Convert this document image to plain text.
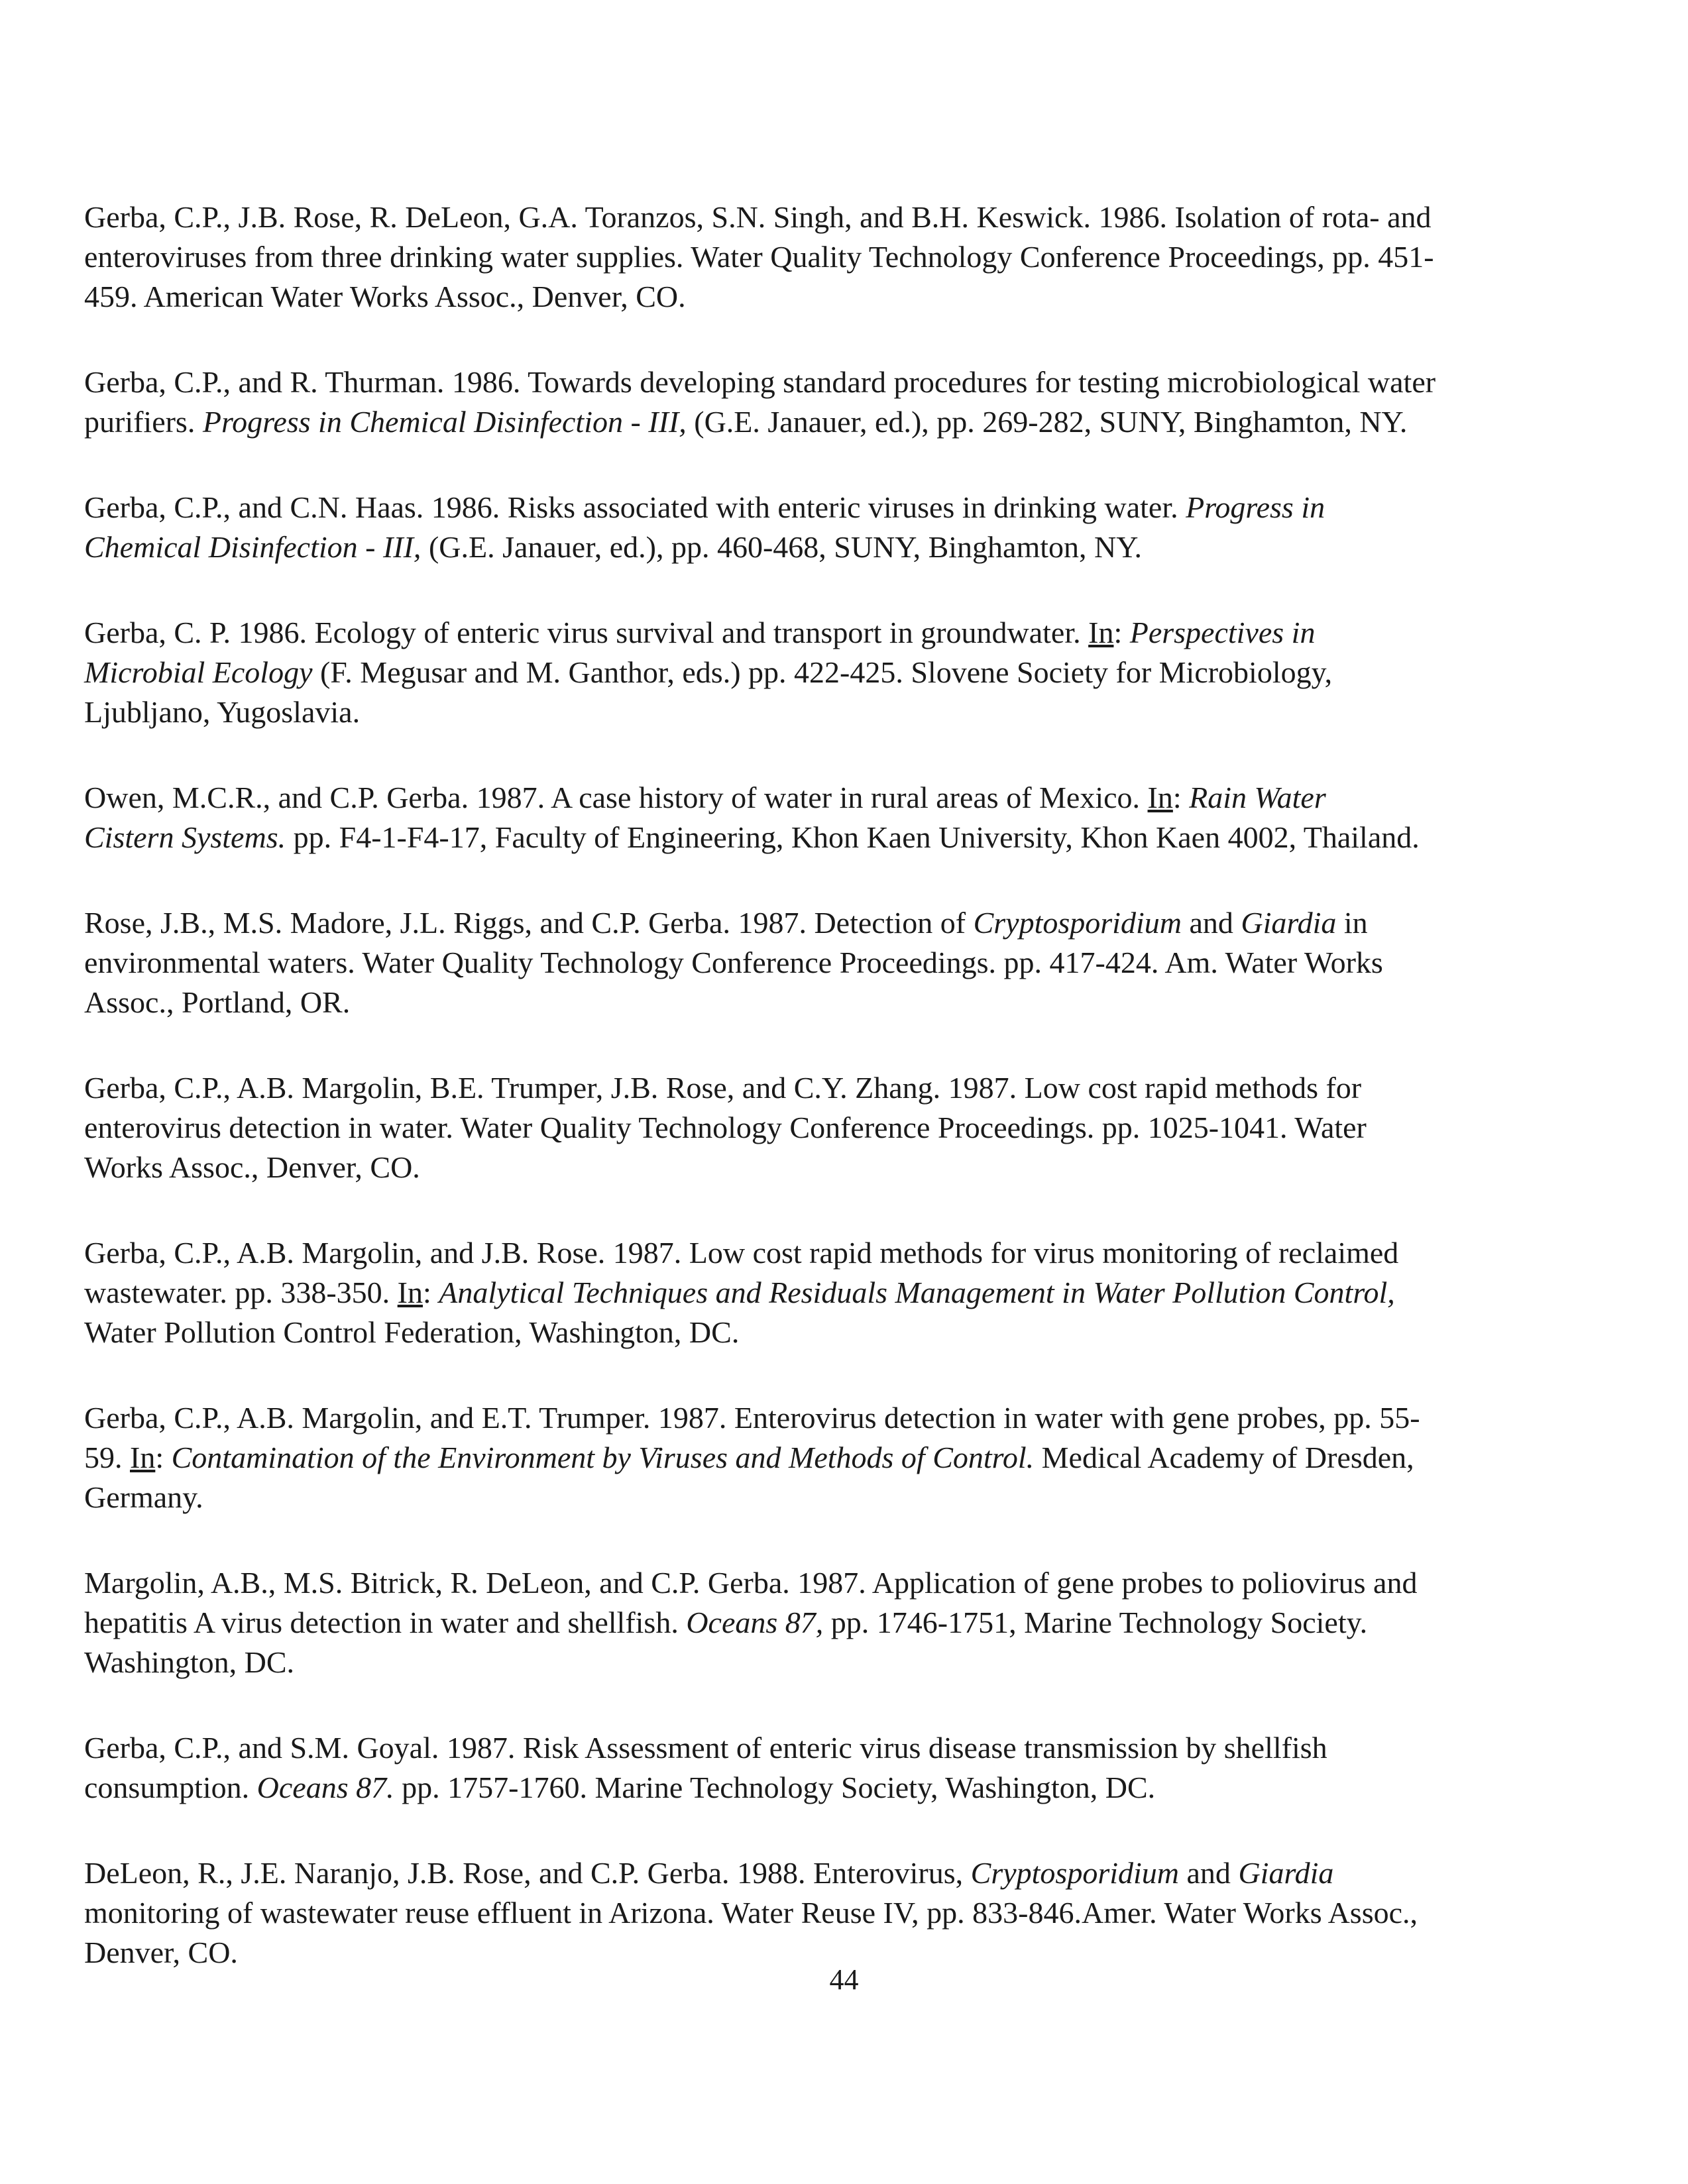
Gerba, C.P., J.B. Rose, R. DeLeon, G.A. Toranzos, S.N. Singh, and B.H. Keswick. 1986. Isolation of rota- and
enteroviruses from three drinking water supplies. Water Quality Technology Conference Proceedings, pp. 451-
459. American Water Works Assoc., Denver, CO.
Gerba, C.P., and R. Thurman. 1986. Towards developing standard procedures for testing microbiological water
purifiers. Progress in Chemical Disinfection - III, (G.E. Janauer, ed.), pp. 269-282, SUNY, Binghamton, NY.
Gerba, C.P., and C.N. Haas. 1986. Risks associated with enteric viruses in drinking water. Progress in
Chemical Disinfection - III, (G.E. Janauer, ed.), pp. 460-468, SUNY, Binghamton, NY.
Gerba, C. P. 1986. Ecology of enteric virus survival and transport in groundwater. In: Perspectives in
Microbial Ecology (F. Megusar and M. Ganthor, eds.) pp. 422-425. Slovene Society for Microbiology,
Ljubljano, Yugoslavia.
Owen, M.C.R., and C.P. Gerba. 1987. A case history of water in rural areas of Mexico. In: Rain Water
Cistern Systems. pp. F4-1-F4-17, Faculty of Engineering, Khon Kaen University, Khon Kaen 4002, Thailand.
Rose, J.B., M.S. Madore, J.L. Riggs, and C.P. Gerba. 1987. Detection of Cryptosporidium and Giardia in
environmental waters. Water Quality Technology Conference Proceedings. pp. 417-424. Am. Water Works
Assoc., Portland, OR.
Gerba, C.P., A.B. Margolin, B.E. Trumper, J.B. Rose, and C.Y. Zhang. 1987. Low cost rapid methods for
enterovirus detection in water. Water Quality Technology Conference Proceedings. pp. 1025-1041. Water
Works Assoc., Denver, CO.
Gerba, C.P., A.B. Margolin, and J.B. Rose. 1987. Low cost rapid methods for virus monitoring of reclaimed
wastewater. pp. 338-350. In: Analytical Techniques and Residuals Management in Water Pollution Control,
Water Pollution Control Federation, Washington, DC.
Gerba, C.P., A.B. Margolin, and E.T. Trumper. 1987. Enterovirus detection in water with gene probes, pp. 55-
59. In: Contamination of the Environment by Viruses and Methods of Control. Medical Academy of Dresden,
Germany.
Margolin, A.B., M.S. Bitrick, R. DeLeon, and C.P. Gerba. 1987. Application of gene probes to poliovirus and
hepatitis A virus detection in water and shellfish. Oceans 87, pp. 1746-1751, Marine Technology Society.
Washington, DC.
Gerba, C.P., and S.M. Goyal. 1987. Risk Assessment of enteric virus disease transmission by shellfish
consumption. Oceans 87. pp. 1757-1760. Marine Technology Society, Washington, DC.
DeLeon, R., J.E. Naranjo, J.B. Rose, and C.P. Gerba. 1988. Enterovirus, Cryptosporidium and Giardia
monitoring of wastewater reuse effluent in Arizona. Water Reuse IV, pp. 833-846.Amer. Water Works Assoc.,
Denver, CO.
44
